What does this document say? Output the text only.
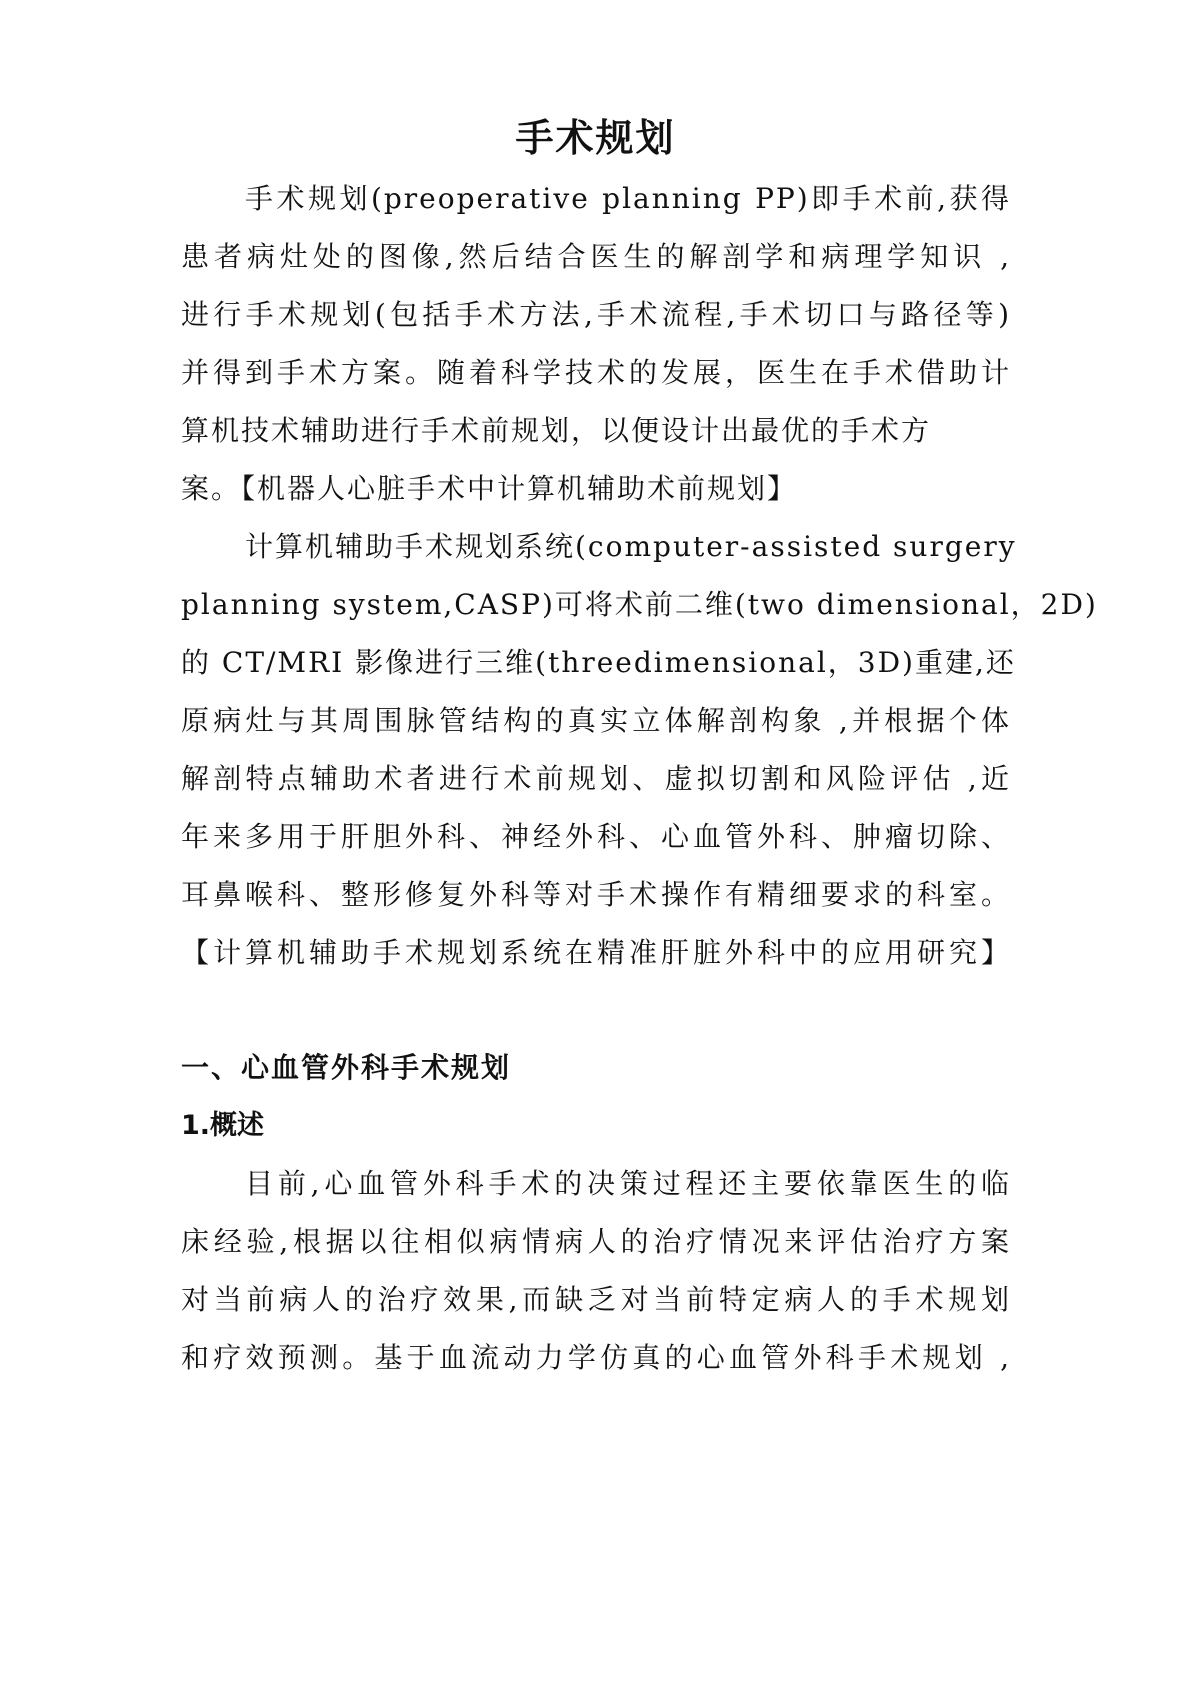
手术规划

手术规划(preoperative planning PP)即手术前,获得

患者病灶处的图像,然后结合医生的解剖学和病理学知识 ,

进行手术规划(包括手术方法,手术流程,手术切口与路径等)

并得到手术方案。随着科学技术的发展，医生在手术借助计

算机技术辅助进行手术前规划，以便设计出最优的手术方

案。【机器人心脏手术中计算机辅助术前规划】

计算机辅助手术规划系统(computer-assisted surgery

planning system,CASP)可将术前二维(two dimensional，2D)

的 CT/MRI 影像进行三维(threedimensional，3D)重建,还

原病灶与其周围脉管结构的真实立体解剖构象 ,并根据个体

解剖特点辅助术者进行术前规划、虚拟切割和风险评估 ,近

年来多用于肝胆外科、神经外科、心血管外科、肿瘤切除、

耳鼻喉科、整形修复外科等对手术操作有精细要求的科室。

【计算机辅助手术规划系统在精准肝脏外科中的应用研究】

一、心血管外科手术规划
1.概述

目前,心血管外科手术的决策过程还主要依靠医生的临

床经验,根据以往相似病情病人的治疗情况来评估治疗方案

对当前病人的治疗效果,而缺乏对当前特定病人的手术规划

和疗效预测。基于血流动力学仿真的心血管外科手术规划 ,
